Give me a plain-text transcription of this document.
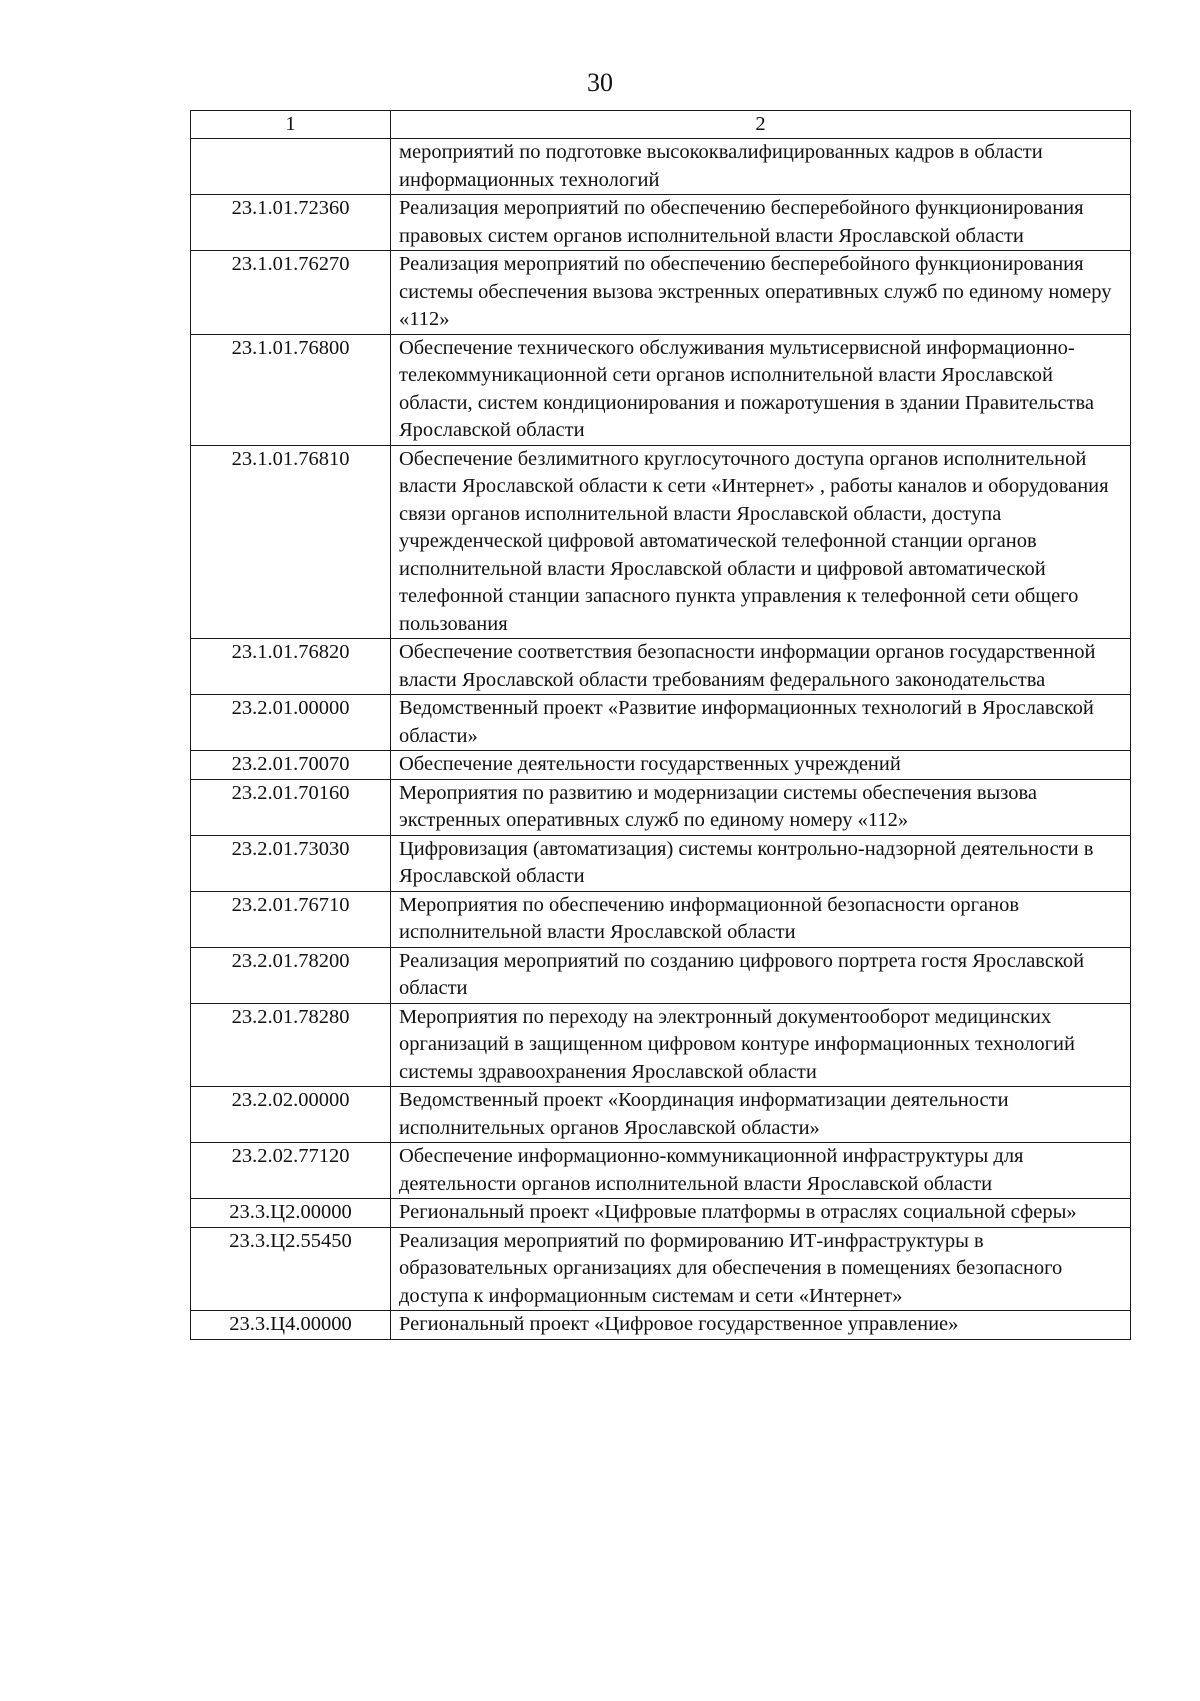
30
1	2
	мероприятий по подготовке высококвалифицированных кадров в области информационных технологий
23.1.01.72360	Реализация мероприятий по обеспечению бесперебойного функционирования правовых систем органов исполнительной власти Ярославской области
23.1.01.76270	Реализация мероприятий по обеспечению бесперебойного функционирования системы обеспечения вызова экстренных оперативных служб по единому номеру «112»
23.1.01.76800	Обеспечение технического обслуживания мультисервисной информационно-телекоммуникационной сети органов исполнительной власти Ярославской области, систем кондиционирования и пожаротушения в здании Правительства Ярославской области
23.1.01.76810	Обеспечение безлимитного круглосуточного доступа органов исполнительной власти Ярославской области к сети «Интернет» , работы каналов и оборудования связи органов исполнительной власти Ярославской области, доступа учрежденческой цифровой автоматической телефонной станции органов исполнительной власти Ярославской области и цифровой автоматической телефонной станции запасного пункта управления к телефонной сети общего пользования
23.1.01.76820	Обеспечение соответствия безопасности информации органов государственной власти Ярославской области требованиям федерального законодательства
23.2.01.00000	Ведомственный проект «Развитие информационных технологий в Ярославской области»
23.2.01.70070	Обеспечение деятельности государственных учреждений
23.2.01.70160	Мероприятия по развитию и модернизации системы обеспечения вызова экстренных оперативных служб по единому номеру «112»
23.2.01.73030	Цифровизация (автоматизация) системы контрольно-надзорной деятельности в Ярославской области
23.2.01.76710	Мероприятия по обеспечению информационной безопасности органов исполнительной власти Ярославской области
23.2.01.78200	Реализация мероприятий по созданию цифрового портрета гостя Ярославской области
23.2.01.78280	Мероприятия по переходу на электронный документооборот медицинских организаций в защищенном цифровом контуре информационных технологий системы здравоохранения Ярославской области
23.2.02.00000	Ведомственный проект «Координация информатизации деятельности исполнительных органов Ярославской области»
23.2.02.77120	Обеспечение информационно-коммуникационной инфраструктуры для деятельности органов исполнительной власти Ярославской области
23.3.Ц2.00000	Региональный проект «Цифровые платформы в отраслях социальной сферы»
23.3.Ц2.55450	Реализация мероприятий по формированию ИТ-инфраструктуры в образовательных организациях для обеспечения в помещениях безопасного доступа к информационным системам и сети «Интернет»
23.3.Ц4.00000	Региональный проект «Цифровое государственное управление»
